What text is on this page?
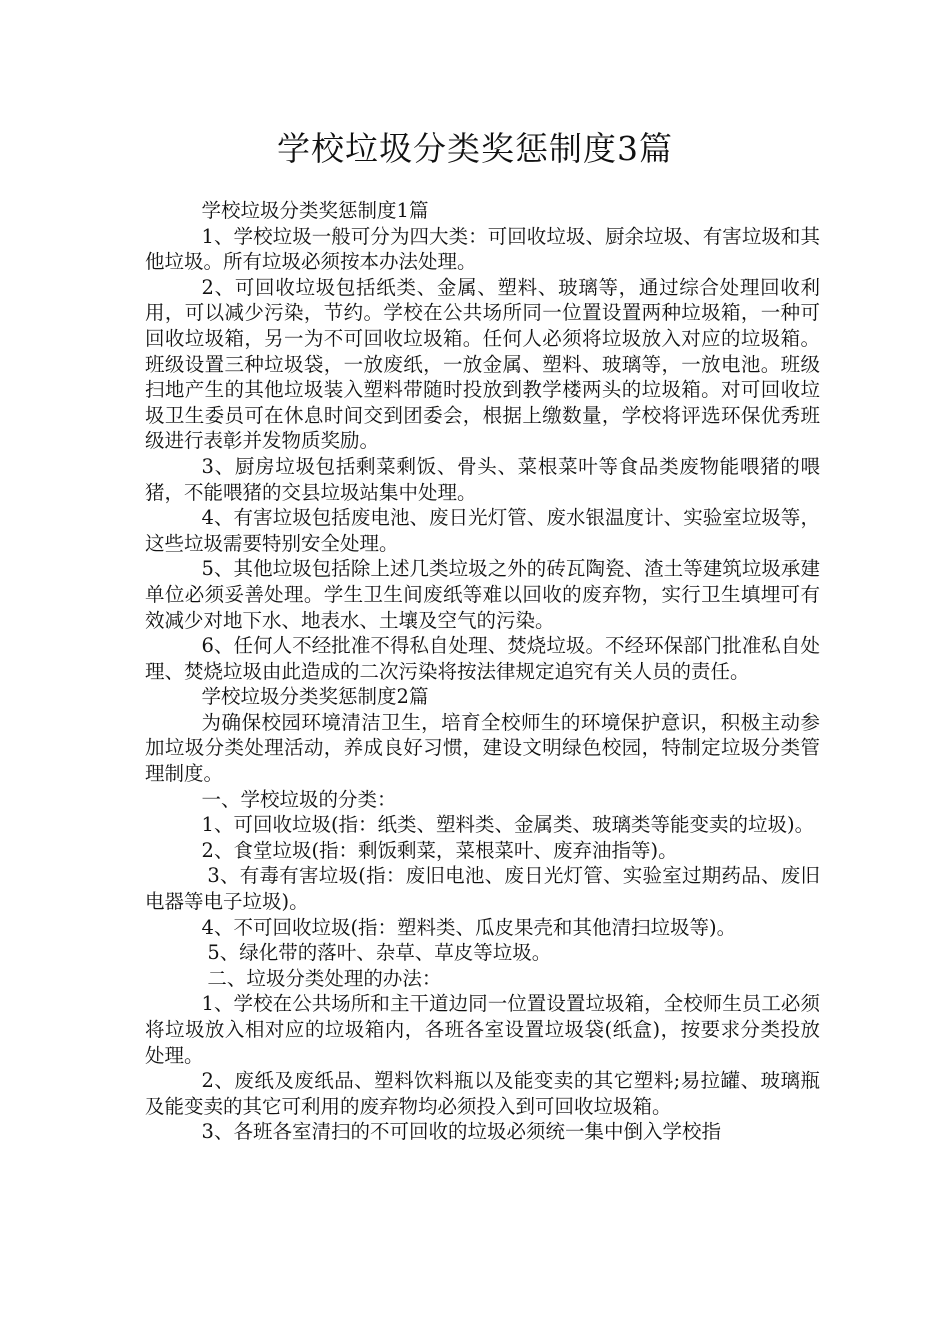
学校垃圾分类奖惩制度3篇

学校垃圾分类奖惩制度1篇

1、学校垃圾一般可分为四大类：可回收垃圾、厨余垃圾、有害垃圾和其他垃圾。所有垃圾必须按本办法处理。

2、可回收垃圾包括纸类、金属、塑料、玻璃等，通过综合处理回收利用，可以减少污染，节约。学校在公共场所同一位置设置两种垃圾箱，一种可回收垃圾箱，另一为不可回收垃圾箱。任何人必须将垃圾放入对应的垃圾箱。班级设置三种垃圾袋，一放废纸，一放金属、塑料、玻璃等，一放电池。班级扫地产生的其他垃圾装入塑料带随时投放到教学楼两头的垃圾箱。对可回收垃圾卫生委员可在休息时间交到团委会，根据上缴数量，学校将评选环保优秀班级进行表彰并发物质奖励。

3、厨房垃圾包括剩菜剩饭、骨头、菜根菜叶等食品类废物能喂猪的喂猪，不能喂猪的交县垃圾站集中处理。

4、有害垃圾包括废电池、废日光灯管、废水银温度计、实验室垃圾等，这些垃圾需要特别安全处理。

5、其他垃圾包括除上述几类垃圾之外的砖瓦陶瓷、渣土等建筑垃圾承建单位必须妥善处理。学生卫生间废纸等难以回收的废弃物，实行卫生填埋可有效减少对地下水、地表水、土壤及空气的污染。

6、任何人不经批准不得私自处理、焚烧垃圾。不经环保部门批准私自处理、焚烧垃圾由此造成的二次污染将按法律规定追究有关人员的责任。

学校垃圾分类奖惩制度2篇

为确保校园环境清洁卫生，培育全校师生的环境保护意识，积极主动参加垃圾分类处理活动，养成良好习惯，建设文明绿色校园，特制定垃圾分类管理制度。

一、学校垃圾的分类：

1、可回收垃圾(指：纸类、塑料类、金属类、玻璃类等能变卖的垃圾)。

2、食堂垃圾(指：剩饭剩菜，菜根菜叶、废弃油指等)。

3、有毒有害垃圾(指：废旧电池、废日光灯管、实验室过期药品、废旧电器等电子垃圾)。

4、不可回收垃圾(指：塑料类、瓜皮果壳和其他清扫垃圾等)。

5、绿化带的落叶、杂草、草皮等垃圾。

二、垃圾分类处理的办法：

1、学校在公共场所和主干道边同一位置设置垃圾箱，全校师生员工必须将垃圾放入相对应的垃圾箱内，各班各室设置垃圾袋(纸盒)，按要求分类投放处理。

2、废纸及废纸品、塑料饮料瓶以及能变卖的其它塑料;易拉罐、玻璃瓶及能变卖的其它可利用的废弃物均必须投入到可回收垃圾箱。

3、各班各室清扫的不可回收的垃圾必须统一集中倒入学校指
